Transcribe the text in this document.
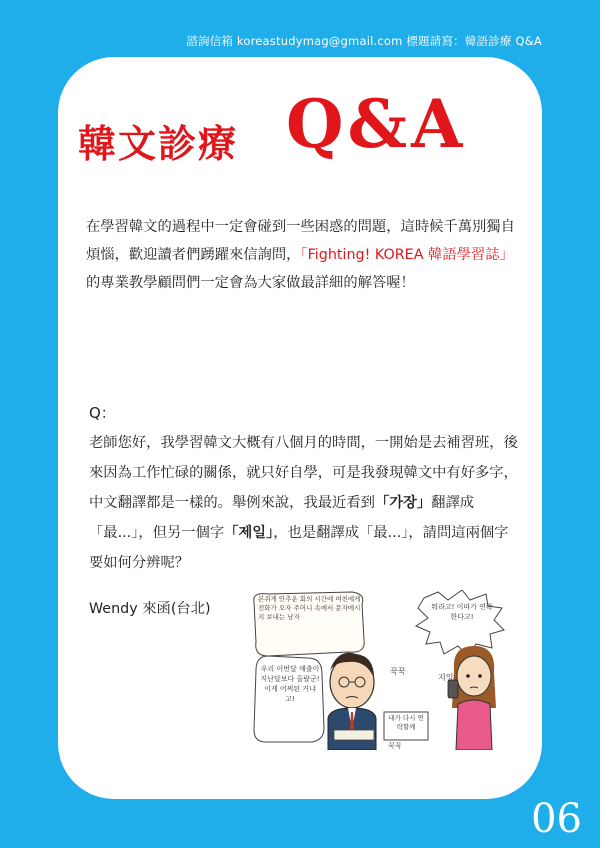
諮詢信箱 koreastudymag@gmail.com 標題請寫：韓語診療 Q&A
韓文診療 Q&A
在學習韓文的過程中一定會碰到一些困惑的問題，這時候千萬別獨自煩惱，歡迎讀者們踴躍來信詢問，「Fighting! KOREA 韓語學習誌」的專業教學顧問們一定會為大家做最詳細的解答喔！
Q：
老師您好，我學習韓文大概有八個月的時間，一開始是去補習班，後來因為工作忙碌的關係，就只好自學，可是我發現韓文中有好多字，中文翻譯都是一樣的。舉例來說，我最近看到「가장」翻譯成「最...」，但另一個字「제일」，也是翻譯成「最...」，請問這兩個字要如何分辨呢？
Wendy 來函(台北)
본쥐게 안추운 회의 시간에 여친에게 전화가 오자 주머니 속에서 문자메시지 보내는 남자
우리 이번달 매출이 지난달보다 올랐군! 이게 어찌된 거냐고!
내가 다시 연락할께
꾹꾹
꾹꾹
뭐라고! 이따가 연락한다고!
지잉
06
